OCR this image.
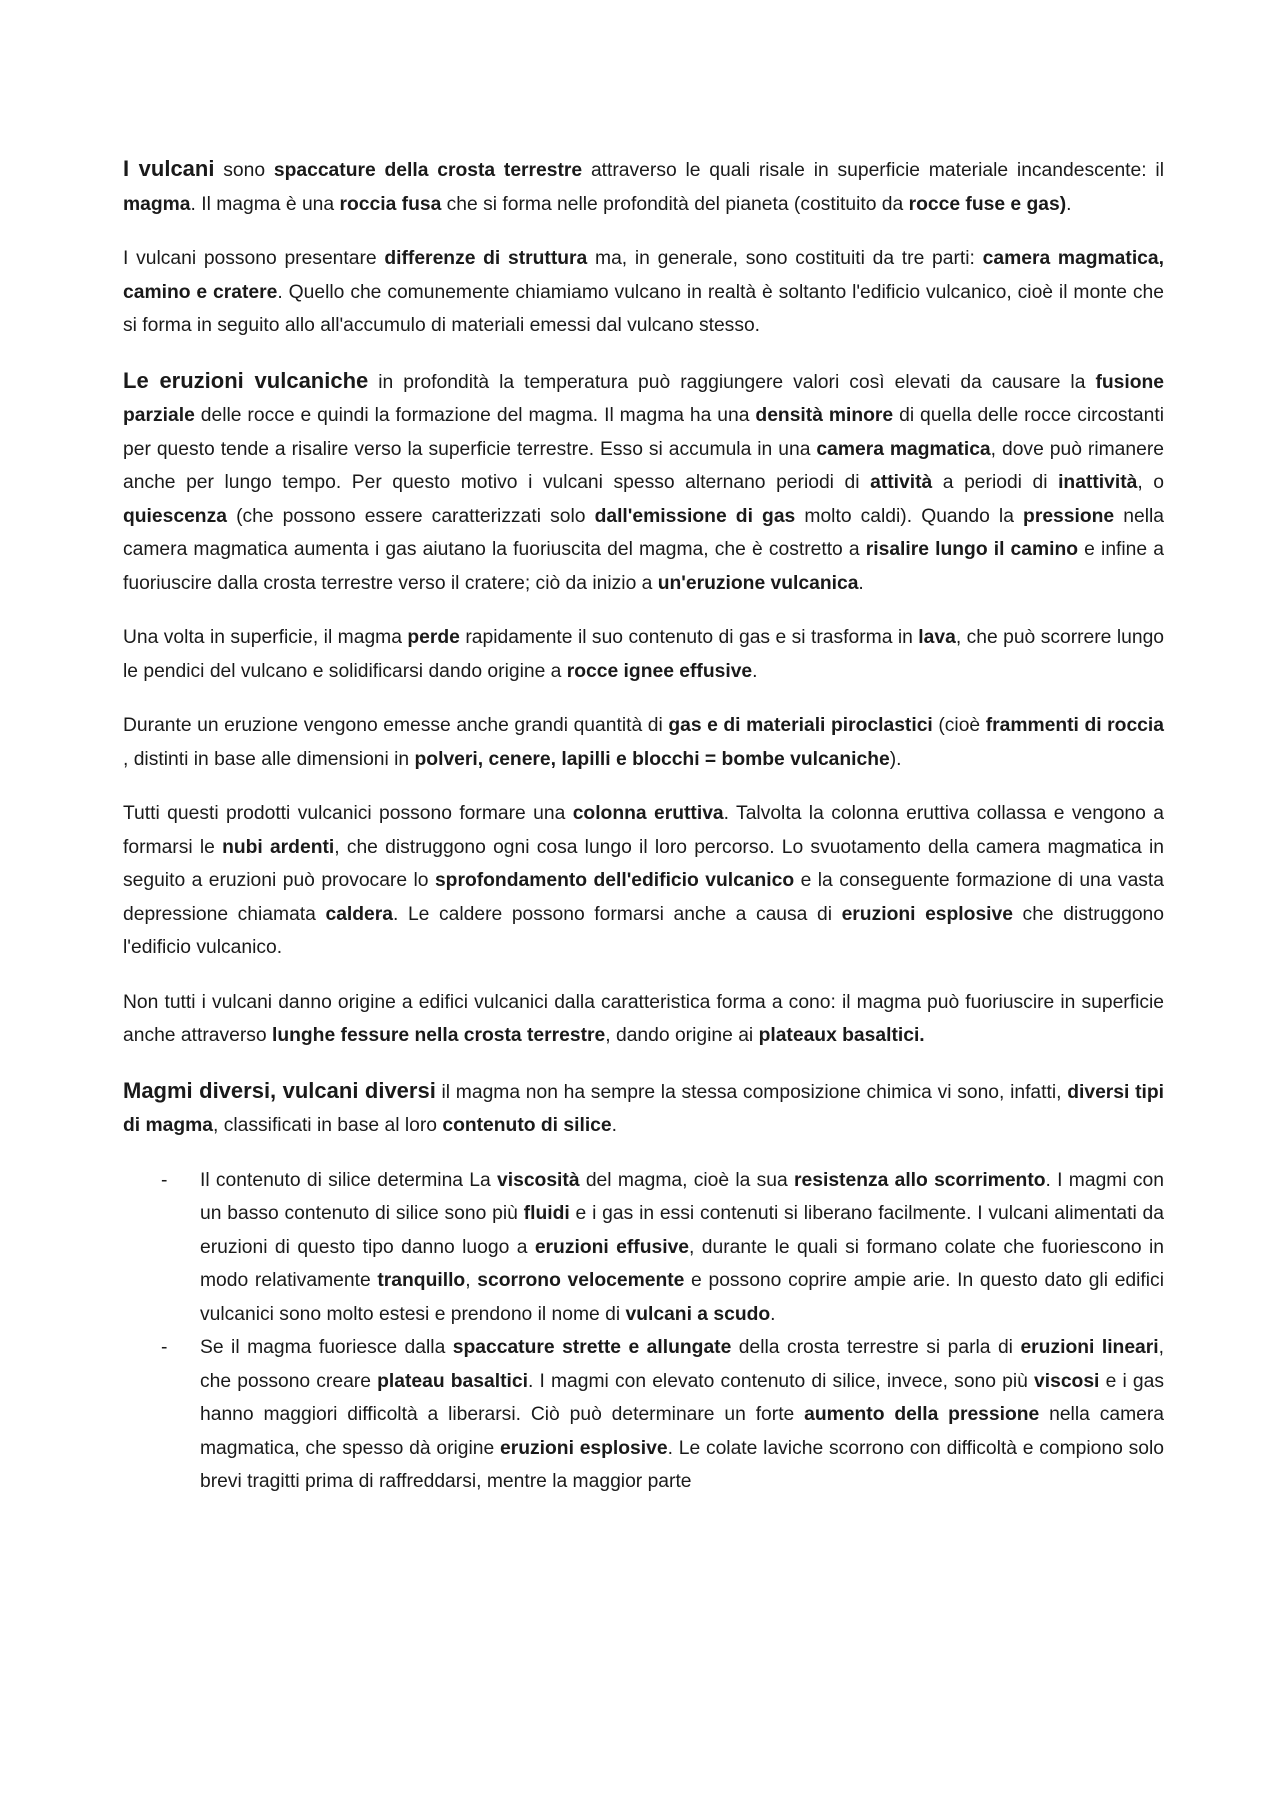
I vulcani sono spaccature della crosta terrestre attraverso le quali risale in superficie materiale incandescente: il magma. Il magma è una roccia fusa che si forma nelle profondità del pianeta (costituito da rocce fuse e gas).

I vulcani possono presentare differenze di struttura ma, in generale, sono costituiti da tre parti: camera magmatica, camino e cratere. Quello che comunemente chiamiamo vulcano in realtà è soltanto l'edificio vulcanico, cioè il monte che si forma in seguito allo all'accumulo di materiali emessi dal vulcano stesso.

Le eruzioni vulcaniche in profondità la temperatura può raggiungere valori così elevati da causare la fusione parziale delle rocce e quindi la formazione del magma. Il magma ha una densità minore di quella delle rocce circostanti per questo tende a risalire verso la superficie terrestre. Esso si accumula in una camera magmatica, dove può rimanere anche per lungo tempo. Per questo motivo i vulcani spesso alternano periodi di attività a periodi di inattività, o quiescenza (che possono essere caratterizzati solo dall'emissione di gas molto caldi). Quando la pressione nella camera magmatica aumenta i gas aiutano la fuoriuscita del magma, che è costretto a risalire lungo il camino e infine a fuoriuscire dalla crosta terrestre verso il cratere; ciò da inizio a un'eruzione vulcanica.

Una volta in superficie, il magma perde rapidamente il suo contenuto di gas e si trasforma in lava, che può scorrere lungo le pendici del vulcano e solidificarsi dando origine a rocce ignee effusive.

Durante un eruzione vengono emesse anche grandi quantità di gas e di materiali piroclastici (cioè frammenti di roccia , distinti in base alle dimensioni in polveri, cenere, lapilli e blocchi = bombe vulcaniche).

Tutti questi prodotti vulcanici possono formare una colonna eruttiva. Talvolta la colonna eruttiva collassa e vengono a formarsi le nubi ardenti, che distruggono ogni cosa lungo il loro percorso. Lo svuotamento della camera magmatica in seguito a eruzioni può provocare lo sprofondamento dell'edificio vulcanico e la conseguente formazione di una vasta depressione chiamata caldera. Le caldere possono formarsi anche a causa di eruzioni esplosive che distruggono l'edificio vulcanico.

Non tutti i vulcani danno origine a edifici vulcanici dalla caratteristica forma a cono: il magma può fuoriuscire in superficie anche attraverso lunghe fessure nella crosta terrestre, dando origine ai plateaux basaltici.

Magmi diversi, vulcani diversi il magma non ha sempre la stessa composizione chimica vi sono, infatti, diversi tipi di magma, classificati in base al loro contenuto di silice.

- Il contenuto di silice determina La viscosità del magma, cioè la sua resistenza allo scorrimento. I magmi con un basso contenuto di silice sono più fluidi e i gas in essi contenuti si liberano facilmente. I vulcani alimentati da eruzioni di questo tipo danno luogo a eruzioni effusive, durante le quali si formano colate che fuoriescono in modo relativamente tranquillo, scorrono velocemente e possono coprire ampie arie. In questo dato gli edifici vulcanici sono molto estesi e prendono il nome di vulcani a scudo.
- Se il magma fuoriesce dalla spaccature strette e allungate della crosta terrestre si parla di eruzioni lineari, che possono creare plateau basaltici. I magmi con elevato contenuto di silice, invece, sono più viscosi e i gas hanno maggiori difficoltà a liberarsi. Ciò può determinare un forte aumento della pressione nella camera magmatica, che spesso dà origine eruzioni esplosive. Le colate laviche scorrono con difficoltà e compiono solo brevi tragitti prima di raffreddarsi, mentre la maggior parte
